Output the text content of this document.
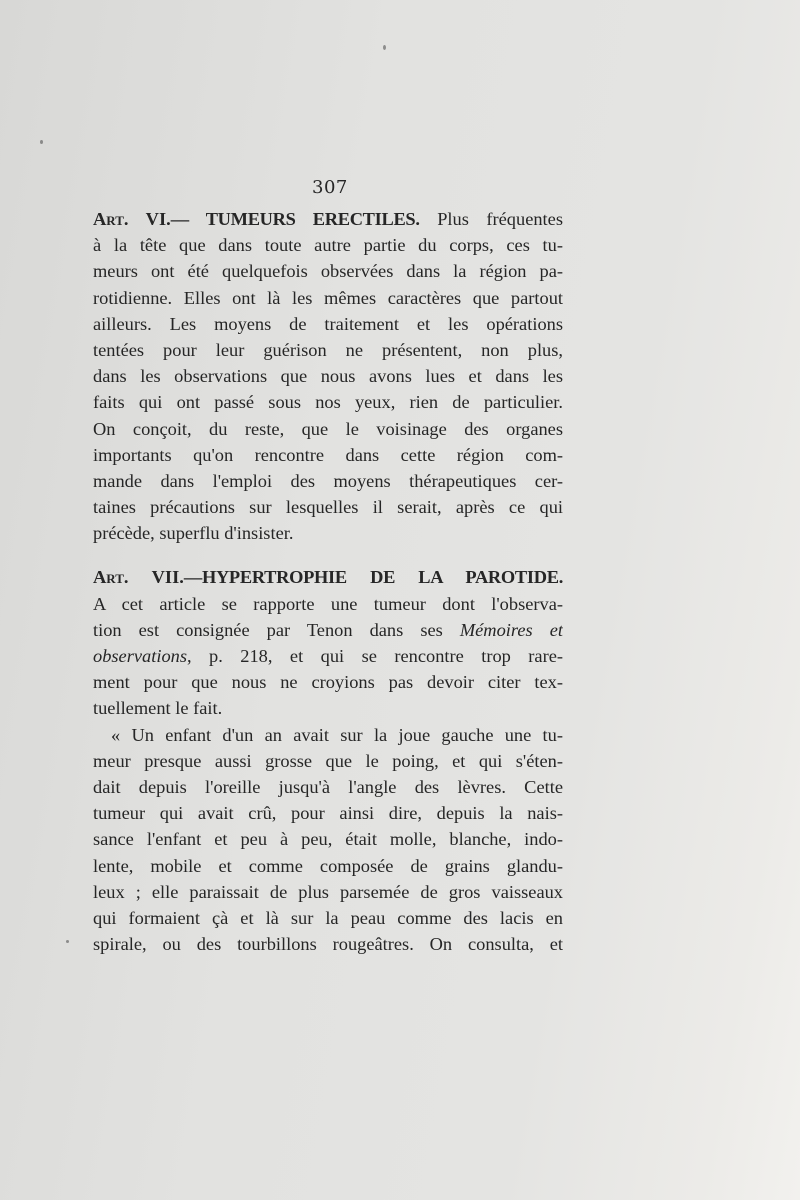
307
Art. VI.— TUMEURS ERECTILES. Plus fréquentes
à la tête que dans toute autre partie du corps, ces tu-
meurs ont été quelquefois observées dans la région pa-
rotidienne. Elles ont là les mêmes caractères que partout
ailleurs. Les moyens de traitement et les opérations
tentées pour leur guérison ne présentent, non plus,
dans les observations que nous avons lues et dans les
faits qui ont passé sous nos yeux, rien de particulier.
On conçoit, du reste, que le voisinage des organes
importants qu'on rencontre dans cette région com-
mande dans l'emploi des moyens thérapeutiques cer-
taines précautions sur lesquelles il serait, après ce qui
précède, superflu d'insister.
Art. VII.—HYPERTROPHIE DE LA PAROTIDE.
A cet article se rapporte une tumeur dont l'observa-
tion est consignée par Tenon dans ses Mémoires et
observations, p. 218, et qui se rencontre trop rare-
ment pour que nous ne croyions pas devoir citer tex-
tuellement le fait.
« Un enfant d'un an avait sur la joue gauche une tu-
meur presque aussi grosse que le poing, et qui s'éten-
dait depuis l'oreille jusqu'à l'angle des lèvres. Cette
tumeur qui avait crû, pour ainsi dire, depuis la nais-
sance l'enfant et peu à peu, était molle, blanche, indo-
lente, mobile et comme composée de grains glandu-
leux ; elle paraissait de plus parsemée de gros vaisseaux
qui formaient çà et là sur la peau comme des lacis en
spirale, ou des tourbillons rougeâtres. On consulta, et
